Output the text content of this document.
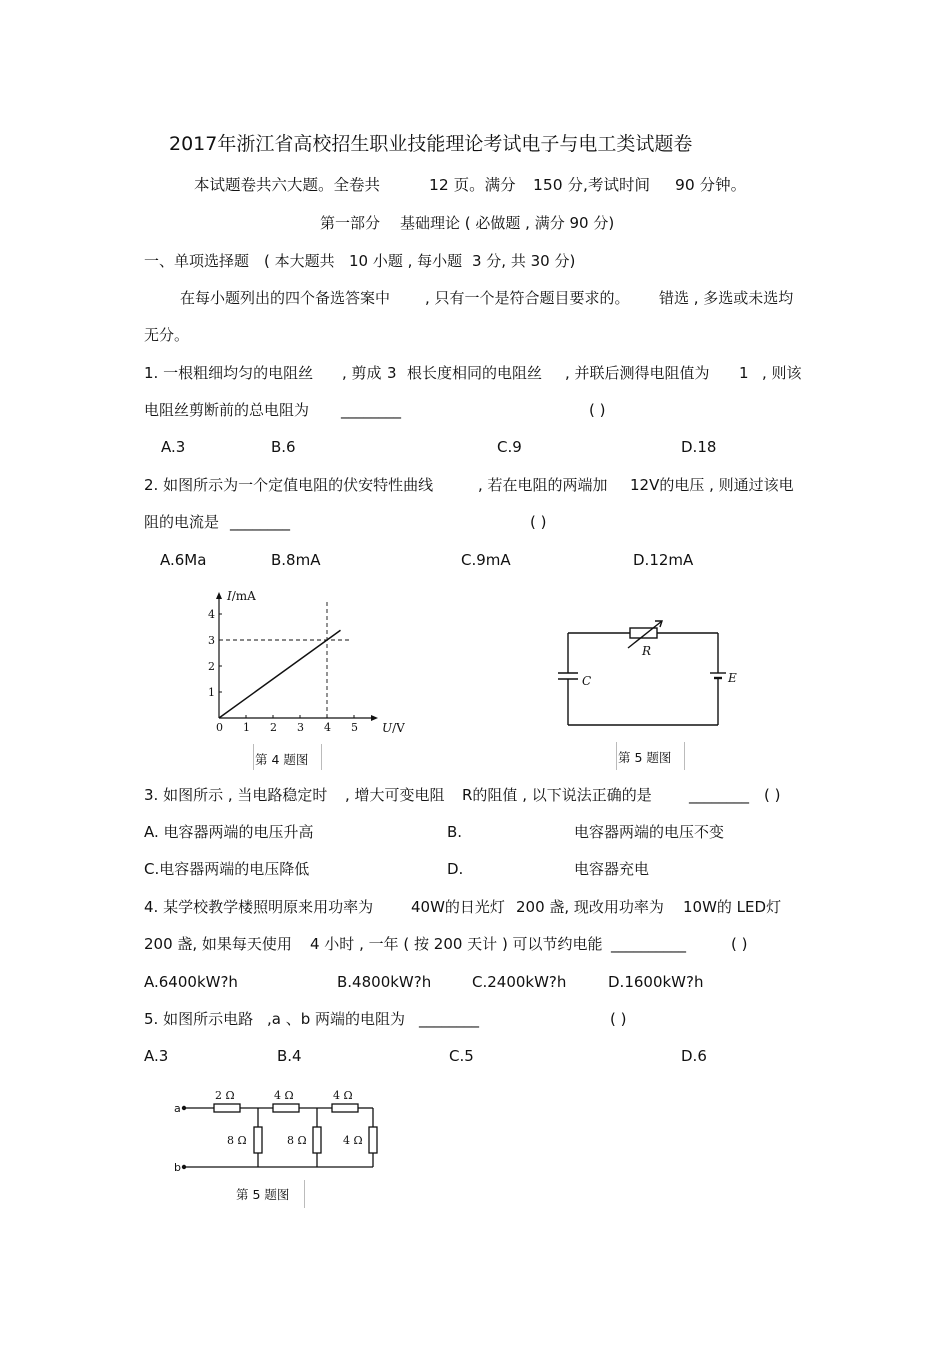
2017年浙江省高校招生职业技能理论考试电子与电工类试题卷
本试题卷共六大题。全卷共	12 页。满分 150 分,考试时间 90 分钟。
第一部分 基础理论 ( 必做题 , 满分 90 分)
一、单项选择题 ( 本大题共 10 小题 , 每小题 3 分, 共 30 分)
在每小题列出的四个备选答案中 , 只有一个是符合题目要求的。 错选 , 多选或未选均
无分。
1. 一根粗细均匀的电阻丝 , 剪成 3 根长度相同的电阻丝 , 并联后测得电阻值为 1 , 则该
电阻丝剪断前的总电阻为 ________	( )
A.3	B.6	C.9	D.18
2. 如图所示为一个定值电阻的伏安特性曲线	, 若在电阻的两端加 12V的电压 , 则通过该电
阻的电流是 ________	( )
A.6Ma	B.8mA	C.9mA	D.12mA
0 1 2 3 4 5
1
2
3
4
I/mA
U/V
第 4 题图
R
C	E
第 5 题图
3. 如图所示 , 当电路稳定时 , 增大可变电阻 R的阻值 , 以下说法正确的是 ________ ( )
A. 电容器两端的电压升高	B.	电容器两端的电压不变
C.电容器两端的电压降低	D.	电容器充电
4. 某学校教学楼照明原来用功率为	40W的日光灯 200 盏, 现改用功率为 10W的 LED灯
200 盏, 如果每天使用 4 小时 , 一年 ( 按 200 天计 ) 可以节约电能 __________	( )
A.6400kW?h	B.4800kW?h	C.2400kW?h	D.1600kW?h
5. 如图所示电路 ,a 、b 两端的电阻为 ________	( )
A.3	B.4	C.5	D.6
a
b
2 Ω	4 Ω	4 Ω
8 Ω	8 Ω	4 Ω
第 5 题图
